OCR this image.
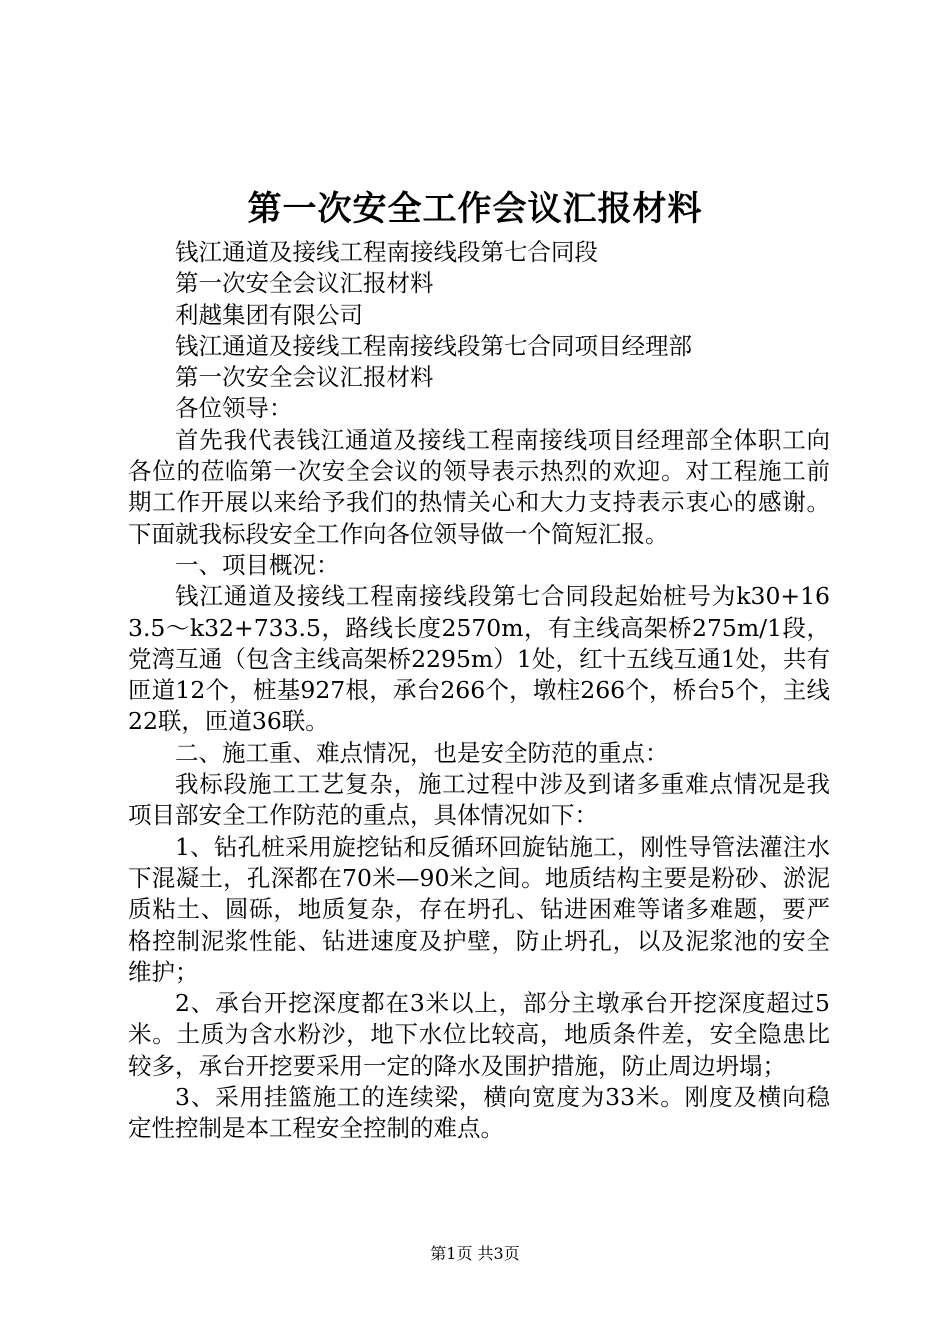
第一次安全工作会议汇报材料

钱江通道及接线工程南接线段第七合同段

第一次安全会议汇报材料

利越集团有限公司

钱江通道及接线工程南接线段第七合同项目经理部

第一次安全会议汇报材料

各位领导：

首先我代表钱江通道及接线工程南接线项目经理部全体职工向各位的莅临第一次安全会议的领导表示热烈的欢迎。对工程施工前期工作开展以来给予我们的热情关心和大力支持表示衷心的感谢。下面就我标段安全工作向各位领导做一个简短汇报。

一、项目概况：

钱江通道及接线工程南接线段第七合同段起始桩号为k30+163.5～k32+733.5，路线长度2570m，有主线高架桥275m/1段，党湾互通（包含主线高架桥2295m）1处，红十五线互通1处，共有匝道12个，桩基927根，承台266个，墩柱266个，桥台5个，主线22联，匝道36联。

二、施工重、难点情况，也是安全防范的重点：

我标段施工工艺复杂，施工过程中涉及到诸多重难点情况是我项目部安全工作防范的重点，具体情况如下：

1、钻孔桩采用旋挖钻和反循环回旋钻施工，刚性导管法灌注水下混凝土，孔深都在70米—90米之间。地质结构主要是粉砂、淤泥质粘土、圆砾，地质复杂，存在坍孔、钻进困难等诸多难题，要严格控制泥浆性能、钻进速度及护壁，防止坍孔，以及泥浆池的安全维护；

2、承台开挖深度都在3米以上，部分主墩承台开挖深度超过5米。土质为含水粉沙，地下水位比较高，地质条件差，安全隐患比较多，承台开挖要采用一定的降水及围护措施，防止周边坍塌；

3、采用挂篮施工的连续梁，横向宽度为33米。刚度及横向稳定性控制是本工程安全控制的难点。

第1页 共3页
